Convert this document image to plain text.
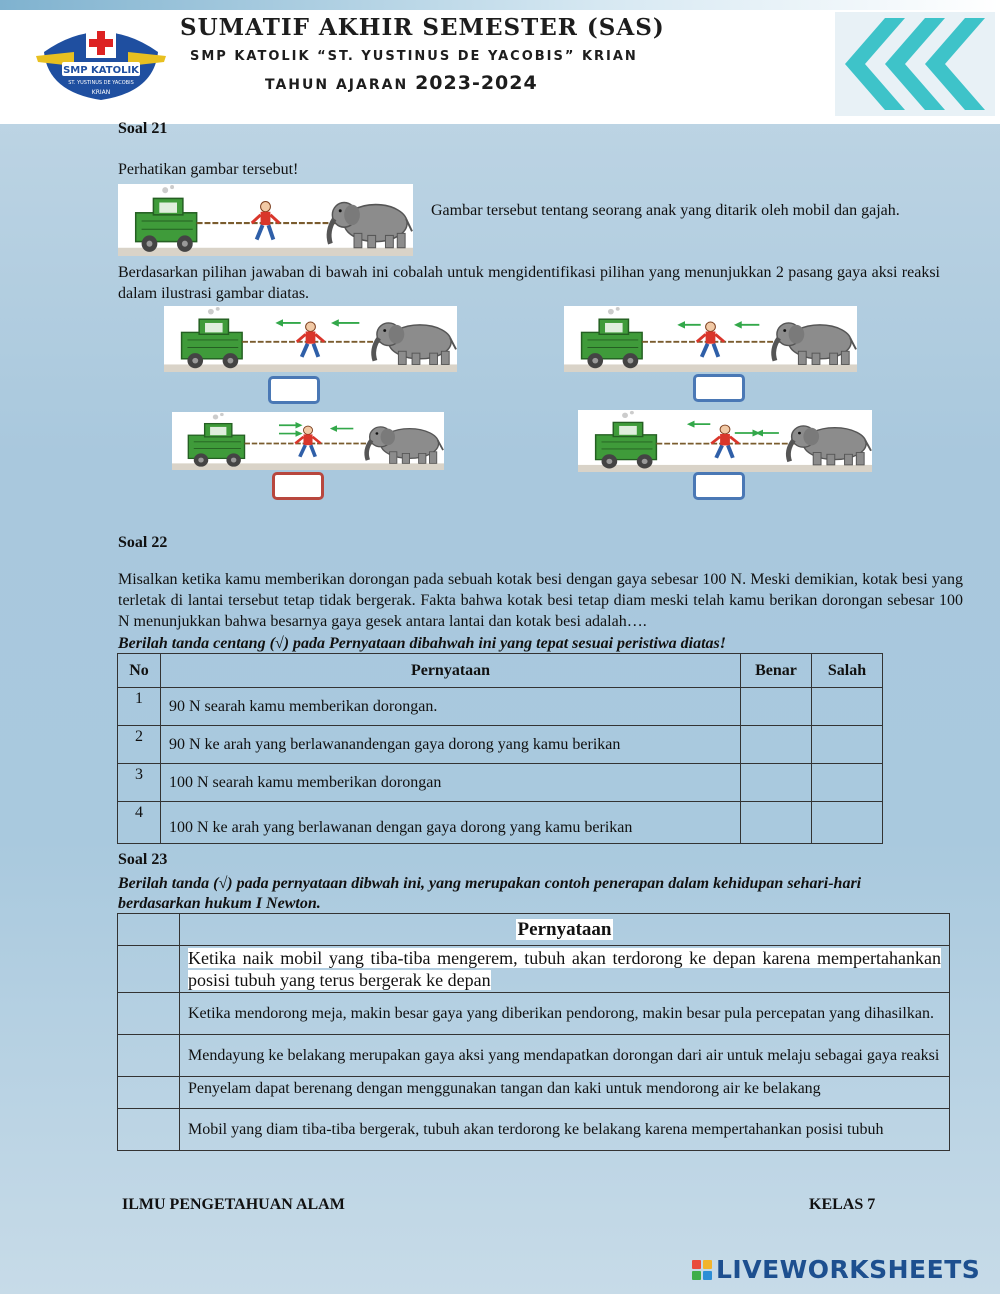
SMP KATOLIK
ST. YUSTINUS DE YACOBIS
KRIAN
SUMATIF AKHIR SEMESTER (SAS)
SMP KATOLIK “ST. YUSTINUS DE YACOBIS” KRIAN
TAHUN AJARAN 2023-2024
Soal 21
Perhatikan gambar tersebut!
Gambar tersebut tentang seorang anak yang ditarik oleh mobil dan gajah.
Berdasarkan pilihan jawaban di bawah ini cobalah untuk mengidentifikasi pilihan yang menunjukkan 2 pasang gaya aksi reaksi dalam ilustrasi gambar diatas.
Soal 22
Misalkan ketika kamu memberikan dorongan pada sebuah kotak besi dengan gaya sebesar 100 N. Meski demikian, kotak besi yang terletak di lantai tersebut tetap tidak bergerak. Fakta bahwa kotak besi tetap diam meski telah kamu berikan dorongan sebesar 100 N menunjukkan bahwa besarnya gaya gesek antara lantai dan kotak besi adalah….
Berilah tanda centang (√) pada Pernyataan dibahwah ini yang tepat sesuai peristiwa diatas!
No	Pernyataan	Benar	Salah
1	90 N searah kamu memberikan dorongan.		
2	90 N ke arah yang berlawanandengan gaya dorong yang kamu berikan		
3	100 N searah kamu memberikan dorongan		
4	100 N ke arah yang berlawanan dengan gaya dorong yang kamu berikan		
Soal 23
Berilah tanda (√) pada pernyataan dibwah ini, yang merupakan contoh penerapan dalam kehidupan sehari-hari berdasarkan hukum I Newton.
	Pernyataan
	Ketika naik mobil yang tiba-tiba mengerem, tubuh akan terdorong ke depan karena mempertahankan posisi tubuh yang terus bergerak ke depan
	Ketika mendorong meja, makin besar gaya yang diberikan pendorong, makin besar pula percepatan yang dihasilkan.
	Mendayung ke belakang merupakan gaya aksi yang mendapatkan dorongan dari air untuk melaju sebagai gaya reaksi
	Penyelam dapat berenang dengan menggunakan tangan dan kaki untuk mendorong air ke belakang
	Mobil yang diam tiba-tiba bergerak, tubuh akan terdorong ke belakang karena mempertahankan posisi tubuh
ILMU PENGETAHUAN ALAM	KELAS 7
LIVEWORKSHEETS
